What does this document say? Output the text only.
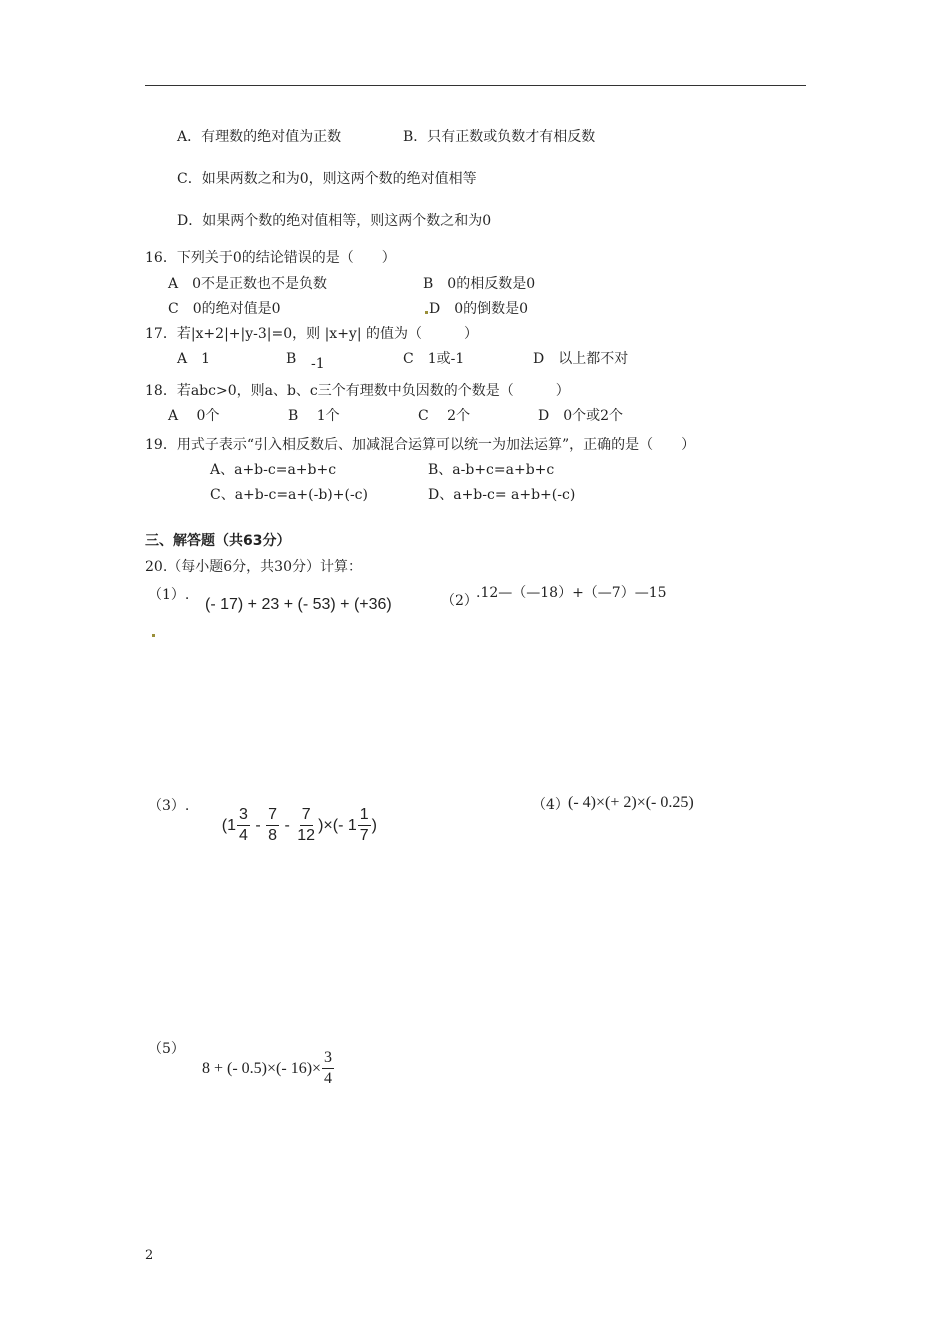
A．有理数的绝对值为正数	B．只有正数或负数才有相反数
C．如果两数之和为0，则这两个数的绝对值相等
D．如果两个数的绝对值相等，则这两个数之和为0
16．下列关于0的结论错误的是（　　）
A　0不是正数也不是负数	B　0的相反数是0
C　0的绝对值是0	D　0的倒数是0
17．若|x+2|+|y-3|=0，则 |x+y| 的值为（　　　）
A　1	B -1	C　1或-1	D　以上都不对
18．若abc>0，则a、b、c三个有理数中负因数的个数是（　　　）
A　 0个	B　 1个	C　 2个	D　0个或2个
19．用式子表示“引入相反数后、加减混合运算可以统一为加法运算”，正确的是（　　）
A、a+b-c=a+b+c	B、a-b+c=a+b+c
C、a+b-c=a+(-b)+(-c)	D、a+b-c= a+b+(-c)
三、解答题（共63分）
20.（每小题6分，共30分）计算：
（1）.
(- 17) + 23 + (- 53) + (+36)	（2）
.12—（—18）+（—7）—15
（3）.

($1 \frac{3}{4} - \frac{7}{8} - \frac{7}{12}$ )×(- $1 \frac{1}{7}$ )

（4） (- 4)×(+ 2)×(- 0.25)
（5）

8 + (- 0.5)×(- $16)\times \frac{3}{4}$

2
